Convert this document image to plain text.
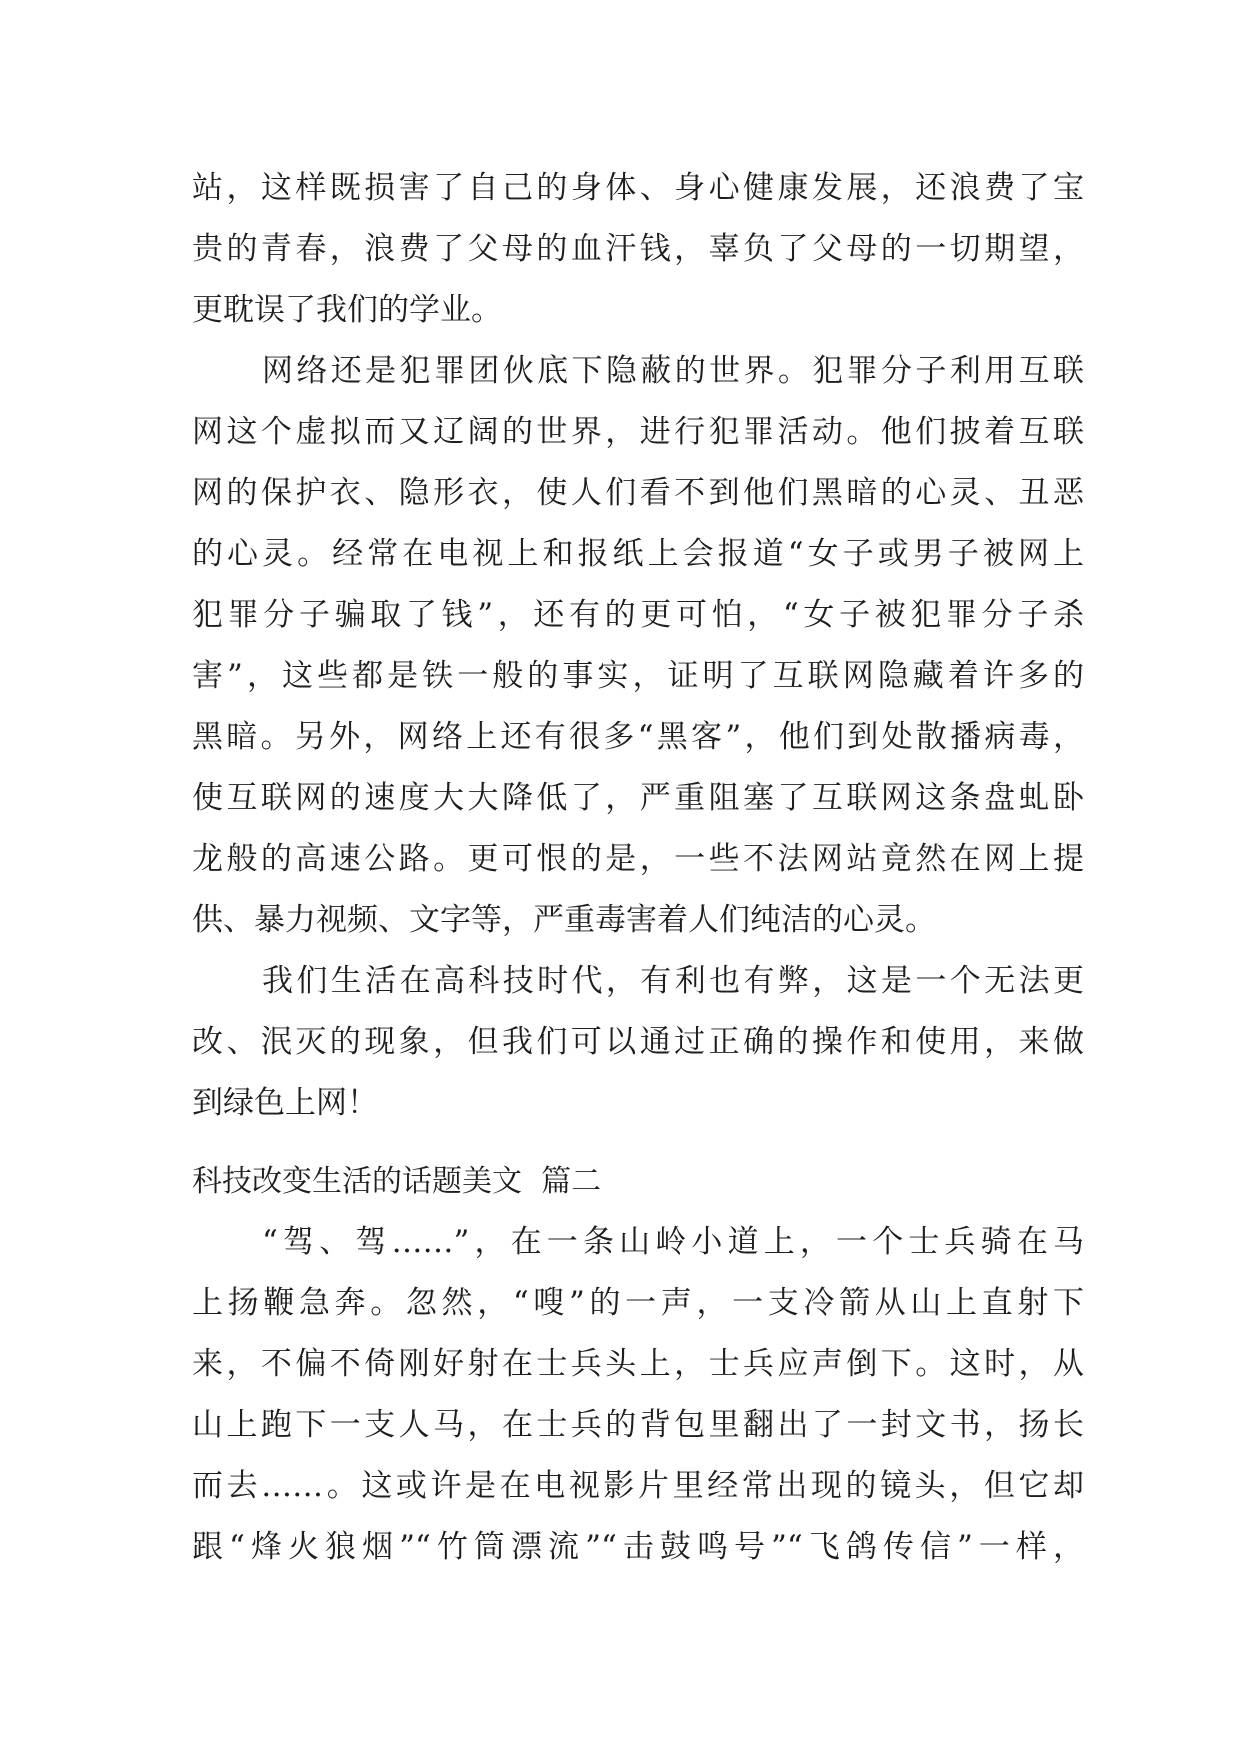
站，这样既损害了自己的身体、身心健康发展，还浪费了宝
贵的青春，浪费了父母的血汗钱，辜负了父母的一切期望，
更耽误了我们的学业。
网络还是犯罪团伙底下隐蔽的世界。犯罪分子利用互联
网这个虚拟而又辽阔的世界，进行犯罪活动。他们披着互联
网的保护衣、隐形衣，使人们看不到他们黑暗的心灵、丑恶
的心灵。经常在电视上和报纸上会报道“女子或男子被网上
犯罪分子骗取了钱”，还有的更可怕，“女子被犯罪分子杀
害”，这些都是铁一般的事实，证明了互联网隐藏着许多的
黑暗。另外，网络上还有很多“黑客”，他们到处散播病毒，
使互联网的速度大大降低了，严重阻塞了互联网这条盘虬卧
龙般的高速公路。更可恨的是，一些不法网站竟然在网上提
供、暴力视频、文字等，严重毒害着人们纯洁的心灵。
我们生活在高科技时代，有利也有弊，这是一个无法更
改、泯灭的现象，但我们可以通过正确的操作和使用，来做
到绿色上网！
科技改变生活的话题美文  篇二
“驾、驾……”，在一条山岭小道上，一个士兵骑在马
上扬鞭急奔。忽然，“嗖”的一声，一支冷箭从山上直射下
来，不偏不倚刚好射在士兵头上，士兵应声倒下。这时，从
山上跑下一支人马，在士兵的背包里翻出了一封文书，扬长
而去……。这或许是在电视影片里经常出现的镜头，但它却
跟“烽火狼烟”“竹筒漂流”“击鼓鸣号”“飞鸽传信”一样，
